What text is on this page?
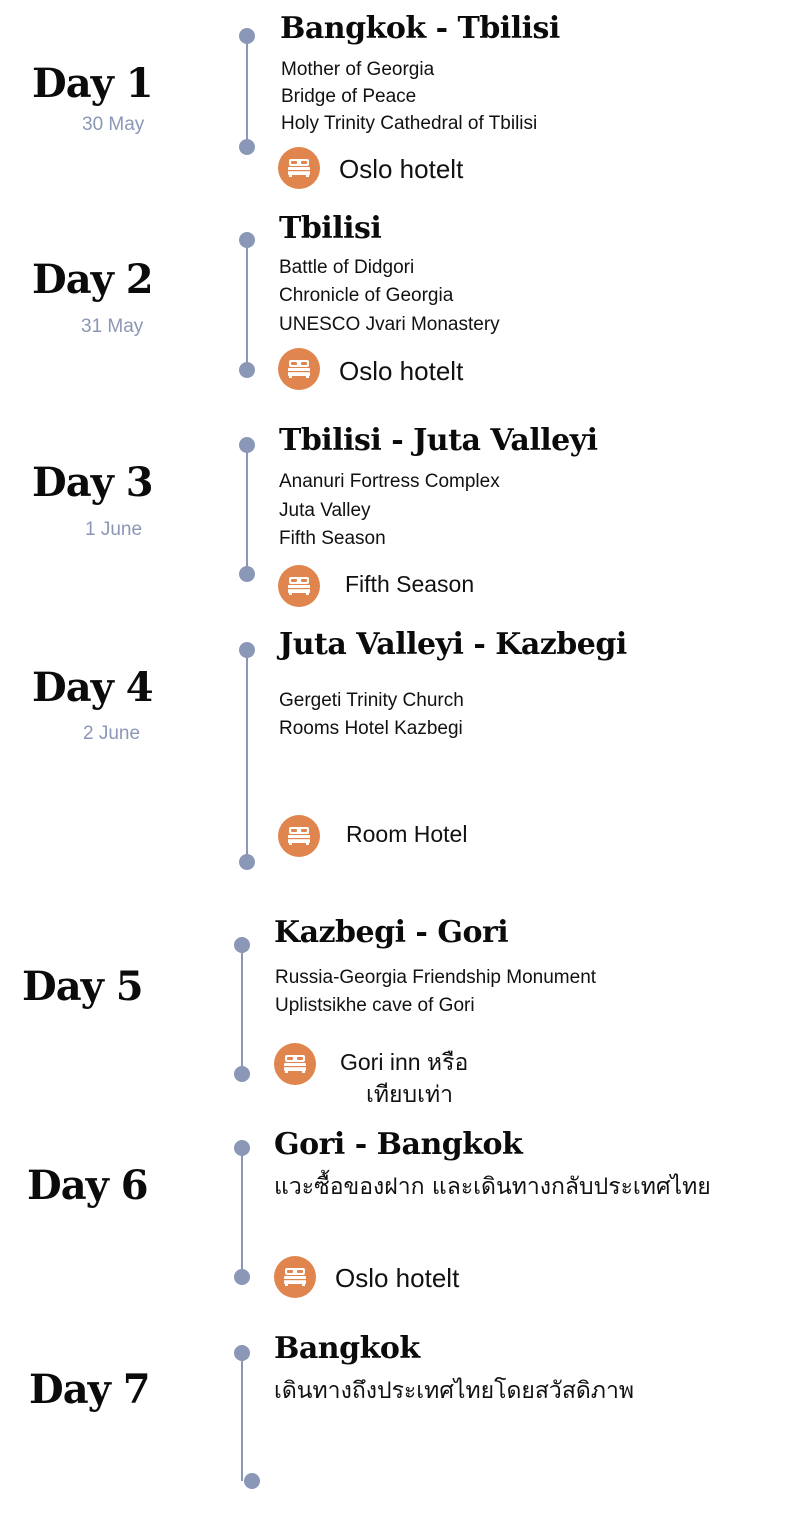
Day 1
30 May
Bangkok - Tbilisi
Mother of Georgia
Bridge of Peace
Holy Trinity Cathedral of Tbilisi
Oslo hotelt
Day 2
31 May
Tbilisi
Battle of Didgori
Chronicle of Georgia
UNESCO Jvari Monastery
Oslo hotelt
Day 3
1 June
Tbilisi - Juta Valleyi
Ananuri Fortress Complex
Juta Valley
Fifth Season
Fifth Season
Day 4
2 June
Juta Valleyi - Kazbegi
Gergeti Trinity Church
Rooms Hotel Kazbegi
Room Hotel
Day 5
Kazbegi - Gori
Russia-Georgia Friendship Monument
Uplistsikhe cave of Gori
Gori inn หรือ
เทียบเท่า
Day 6
Gori - Bangkok
แวะซื้อของฝาก และเดินทางกลับประเทศไทย
Oslo hotelt
Day 7
Bangkok
เดินทางถึงประเทศไทยโดยสวัสดิภาพ
